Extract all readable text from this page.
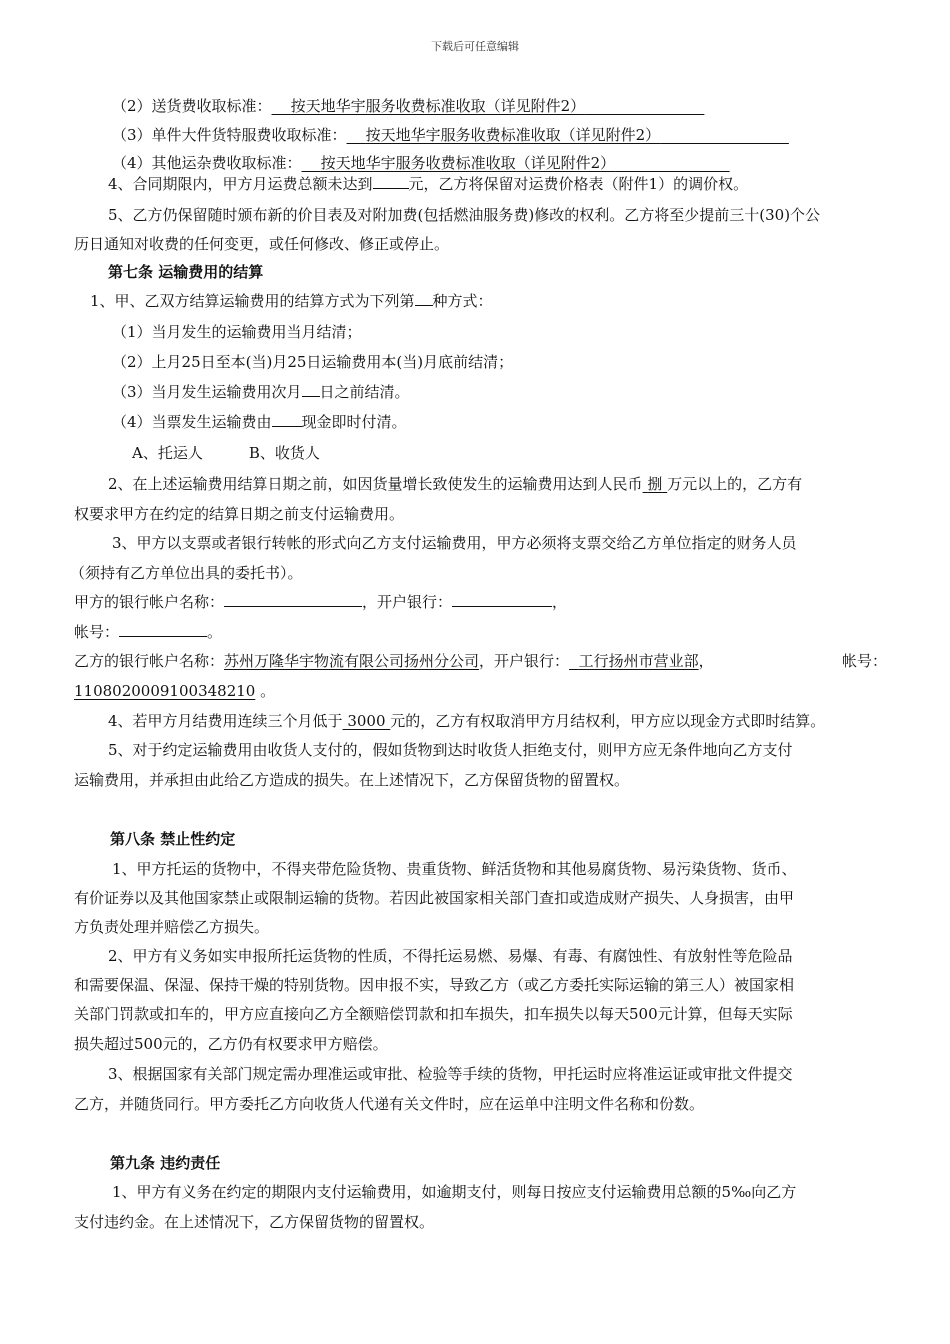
下载后可任意编辑
（2）送货费收取标准： 按天地华宇服务收费标准收取（详见附件2）
（3）单件大件货特服费收取标准： 按天地华宇服务收费标准收取（详见附件2）
（4）其他运杂费收取标准： 按天地华宇服务收费标准收取（详见附件2）
4、合同期限内，甲方月运费总额未达到 元，乙方将保留对运费价格表（附件1）的调价权。
5、乙方仍保留随时颁布新的价目表及对附加费(包括燃油服务费)修改的权利。乙方将至少提前三十(30)个公
历日通知对收费的任何变更，或任何修改、修正或停止。
第七条 运输费用的结算
1、甲、乙双方结算运输费用的结算方式为下列第 种方式：
（1）当月发生的运输费用当月结清；
（2）上月25日至本(当)月25日运输费用本(当)月底前结清；
（3）当月发生运输费用次月 日之前结清。
（4）当票发生运输费由 现金即时付清。
A、托运人	B、收货人
2、在上述运输费用结算日期之前，如因货量增长致使发生的运输费用达到人民币 捌 万元以上的，乙方有
权要求甲方在约定的结算日期之前支付运输费用。
3、甲方以支票或者银行转帐的形式向乙方支付运输费用，甲方必须将支票交给乙方单位指定的财务人员
（须持有乙方单位出具的委托书）。
甲方的银行帐户名称：	，开户银行：	，
帐号：	。
乙方的银行帐户名称：苏州万隆华宇物流有限公司扬州分公司，开户银行： 工行扬州市营业部，	帐号：
1108020009100348210 。
4、若甲方月结费用连续三个月低于 3000 元的，乙方有权取消甲方月结权利，甲方应以现金方式即时结算。
5、对于约定运输费用由收货人支付的，假如货物到达时收货人拒绝支付，则甲方应无条件地向乙方支付
运输费用，并承担由此给乙方造成的损失。在上述情况下，乙方保留货物的留置权。
第八条 禁止性约定
1、甲方托运的货物中，不得夹带危险货物、贵重货物、鲜活货物和其他易腐货物、易污染货物、货币、
有价证券以及其他国家禁止或限制运输的货物。若因此被国家相关部门查扣或造成财产损失、人身损害，由甲
方负责处理并赔偿乙方损失。
2、甲方有义务如实申报所托运货物的性质，不得托运易燃、易爆、有毒、有腐蚀性、有放射性等危险品
和需要保温、保湿、保持干燥的特别货物。因申报不实，导致乙方（或乙方委托实际运输的第三人）被国家相
关部门罚款或扣车的，甲方应直接向乙方全额赔偿罚款和扣车损失，扣车损失以每天500元计算，但每天实际
损失超过500元的，乙方仍有权要求甲方赔偿。
3、根据国家有关部门规定需办理准运或审批、检验等手续的货物，甲托运时应将准运证或审批文件提交
乙方，并随货同行。甲方委托乙方向收货人代递有关文件时，应在运单中注明文件名称和份数。
第九条 违约责任
1、甲方有义务在约定的期限内支付运输费用，如逾期支付，则每日按应支付运输费用总额的5‰向乙方
支付违约金。在上述情况下，乙方保留货物的留置权。
